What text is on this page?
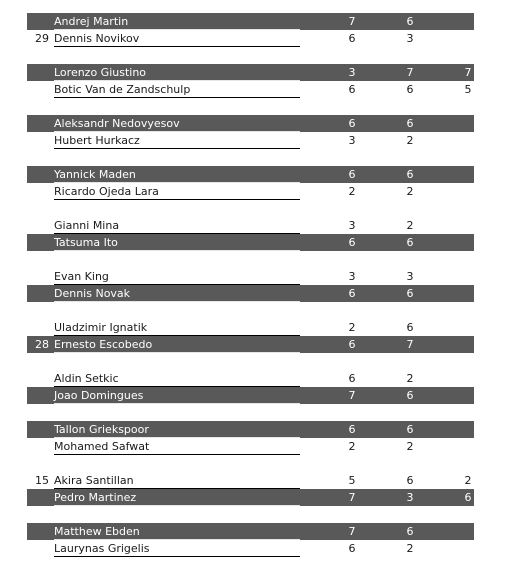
Andrej Martin	7	6
29 Dennis Novikov	6	3
Lorenzo Giustino	3	7	7
Botic Van de Zandschulp	6	6	5
Aleksandr Nedovyesov	6	6
Hubert Hurkacz	3	2
Yannick Maden	6	6
Ricardo Ojeda Lara	2	2
Gianni Mina	3	2
Tatsuma Ito	6	6
Evan King	3	3
Dennis Novak	6	6
Uladzimir Ignatik	2	6
28 Ernesto Escobedo	6	7
Aldin Setkic	6	2
Joao Domingues	7	6
Tallon Griekspoor	6	6
Mohamed Safwat	2	2
15 Akira Santillan	5	6	2
Pedro Martinez	7	3	6
Matthew Ebden	7	6
Laurynas Grigelis	6	2
